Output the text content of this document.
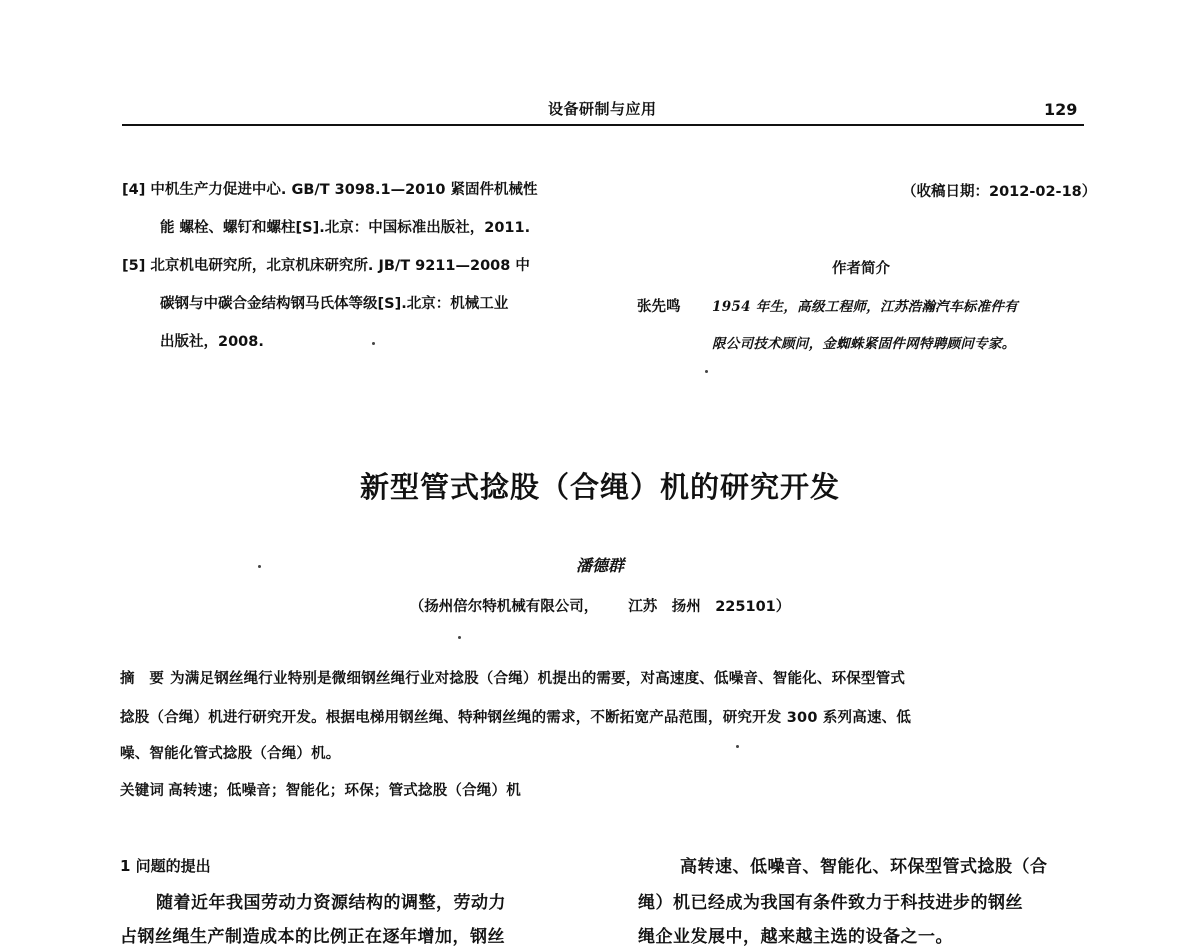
设备研制与应用	129
[4] 中机生产力促进中心. GB/T 3098.1—2010 紧固件机械性
能 螺栓、螺钉和螺柱[S].北京：中国标准出版社，2011.
[5] 北京机电研究所，北京机床研究所. JB/T 9211—2008 中
碳钢与中碳合金结构钢马氏体等级[S].北京：机械工业
出版社，2008.
（收稿日期：2012-02-18）
作者简介
张先鸣 1954 年生，高级工程师，江苏浩瀚汽车标准件有
限公司技术顾问，金蜘蛛紧固件网特聘顾问专家。
新型管式捻股（合绳）机的研究开发
潘德群
（扬州倍尔特机械有限公司， 江苏　扬州　225101）
摘　要 为满足钢丝绳行业特别是微细钢丝绳行业对捻股（合绳）机提出的需要，对高速度、低噪音、智能化、环保型管式
捻股（合绳）机进行研究开发。根据电梯用钢丝绳、特种钢丝绳的需求，不断拓宽产品范围，研究开发 300 系列高速、低
噪、智能化管式捻股（合绳）机。
关键词 高转速；低噪音；智能化；环保；管式捻股（合绳）机
1 问题的提出
随着近年我国劳动力资源结构的调整，劳动力
占钢丝绳生产制造成本的比例正在逐年增加，钢丝
高转速、低噪音、智能化、环保型管式捻股（合
绳）机已经成为我国有条件致力于科技进步的钢丝
绳企业发展中，越来越主选的设备之一。
